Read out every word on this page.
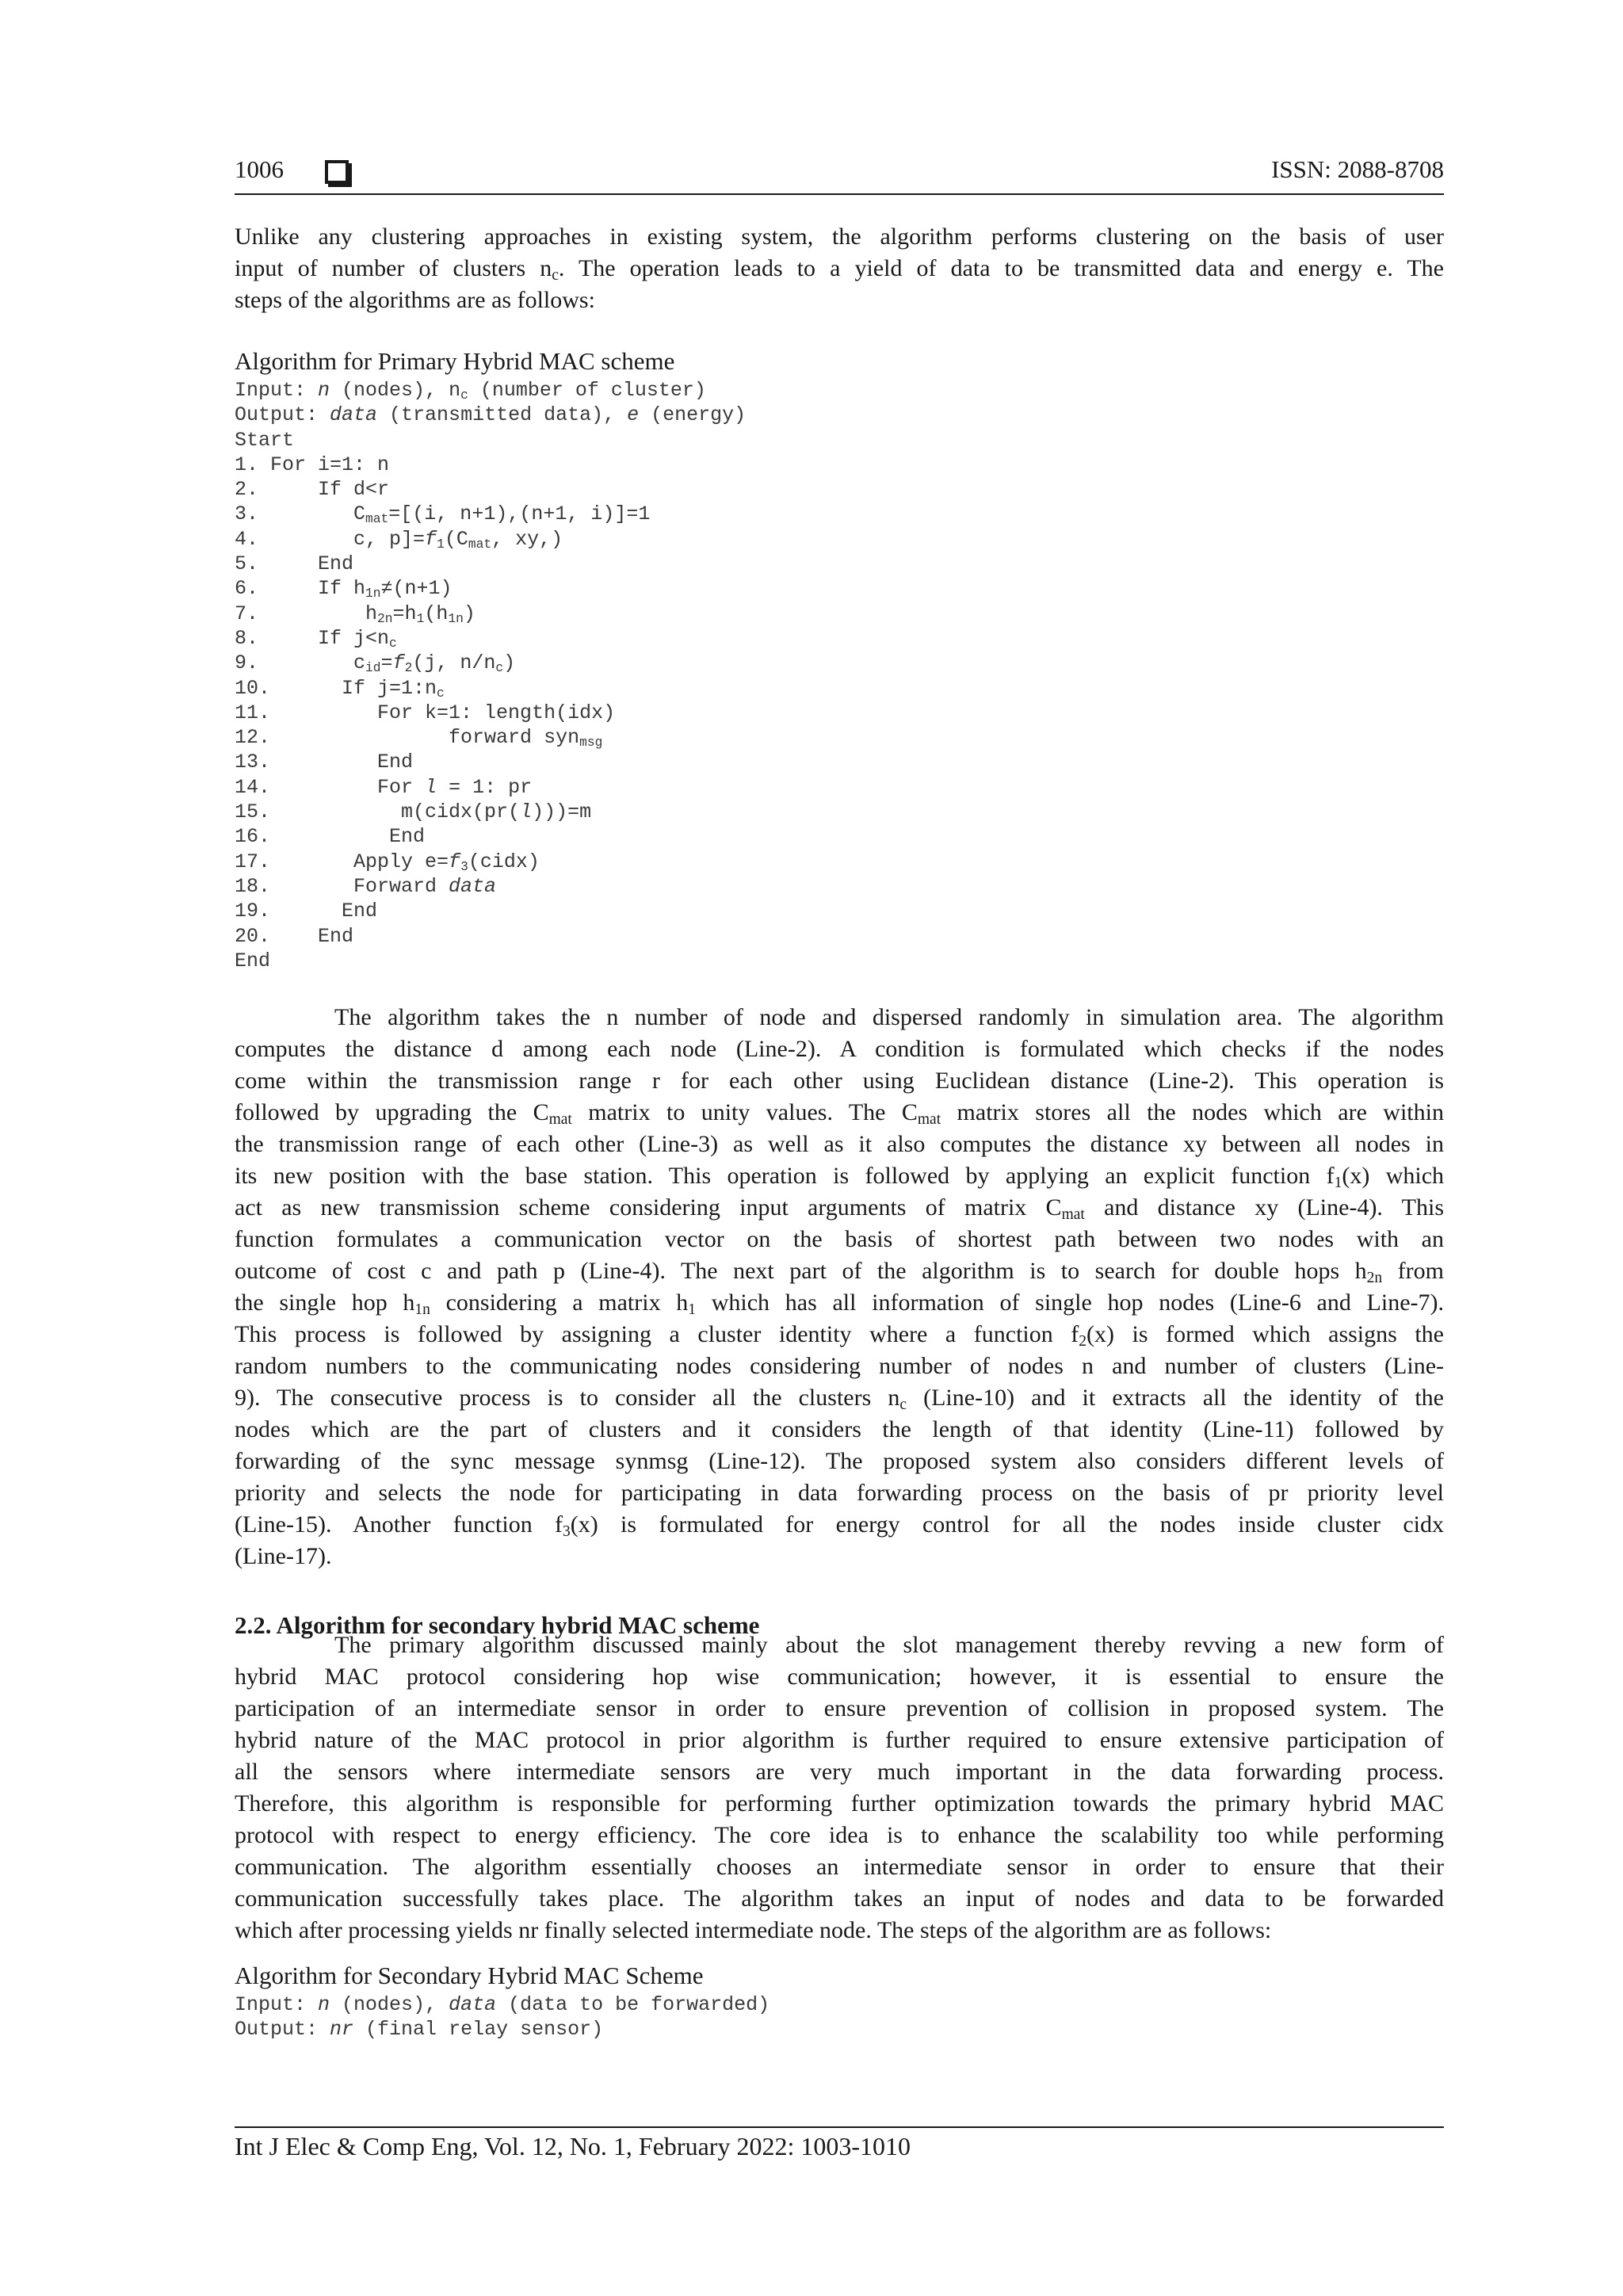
1006	ISSN: 2088-8708
Unlike any clustering approaches in existing system, the algorithm performs clustering on the basis of user
input of number of clusters $n_c$. The operation leads to a yield of data to be transmitted data and energy e. The
steps of the algorithms are as follows:
Algorithm for Primary Hybrid MAC scheme
Input: n (nodes), $n_c$ (number of cluster)
Output: data (transmitted data), e (energy)
Start
1. For i=1: n
2.     If d<r
3.        $C_{mat}=[(i$, n+1),(n+1, i)]=1
4.        c, $p]=f_1(C_{mat}$, xy,)
5.     End
6.     If $h_{1n}\ne(n+1)$
7.         $h_{2n}=h_1(h_{1n})$
8.     If $j<n_c$
9.        $c_{id}=f_2(j$, $n/n_c$)
10.      If $j=1:n_c$
11.         For k=1: length(idx)
12.               forward syn$_{msg}$
13.         End
14.         For l = 1: pr
15.           m(cidx(pr(l)))=m
16.          End
17.       Apply $e=f_3(cidx)$
18.       Forward data
19.      End
20.    End
End
The algorithm takes the n number of node and dispersed randomly in simulation area. The algorithm
computes the distance d among each node (Line-2). A condition is formulated which checks if the nodes
come within the transmission range r for each other using Euclidean distance (Line-2). This operation is
followed by upgrading the $C_{mat}$ matrix to unity values. The $C_{mat}$ matrix stores all the nodes which are within
the transmission range of each other (Line-3) as well as it also computes the distance xy between all nodes in
its new position with the base station. This operation is followed by applying an explicit function $f_1(x)$ which
act as new transmission scheme considering input arguments of matrix $C_{mat}$ and distance xy (Line-4). This
function formulates a communication vector on the basis of shortest path between two nodes with an
outcome of cost c and path p (Line-4). The next part of the algorithm is to search for double hops $h_{2n}$ from
the single hop $h_{1n}$ considering a matrix $h_1$ which has all information of single hop nodes (Line-6 and Line-7).
This process is followed by assigning a cluster identity where a function $f_2(x)$ is formed which assigns the
random numbers to the communicating nodes considering number of nodes n and number of clusters (Line-
9). The consecutive process is to consider all the clusters $n_c$ (Line-10) and it extracts all the identity of the
nodes which are the part of clusters and it considers the length of that identity (Line-11) followed by
forwarding of the sync message synmsg (Line-12). The proposed system also considers different levels of
priority and selects the node for participating in data forwarding process on the basis of pr priority level
(Line-15). Another function $f_3(x)$ is formulated for energy control for all the nodes inside cluster cidx
(Line-17).
2.2. Algorithm for secondary hybrid MAC scheme
The primary algorithm discussed mainly about the slot management thereby revving a new form of
hybrid MAC protocol considering hop wise communication; however, it is essential to ensure the
participation of an intermediate sensor in order to ensure prevention of collision in proposed system. The
hybrid nature of the MAC protocol in prior algorithm is further required to ensure extensive participation of
all the sensors where intermediate sensors are very much important in the data forwarding process.
Therefore, this algorithm is responsible for performing further optimization towards the primary hybrid MAC
protocol with respect to energy efficiency. The core idea is to enhance the scalability too while performing
communication. The algorithm essentially chooses an intermediate sensor in order to ensure that their
communication successfully takes place. The algorithm takes an input of nodes and data to be forwarded
which after processing yields nr finally selected intermediate node. The steps of the algorithm are as follows:
Algorithm for Secondary Hybrid MAC Scheme
Input: n (nodes), data (data to be forwarded)
Output: nr (final relay sensor)
Int J Elec & Comp Eng, Vol. 12, No. 1, February 2022: 1003-1010
